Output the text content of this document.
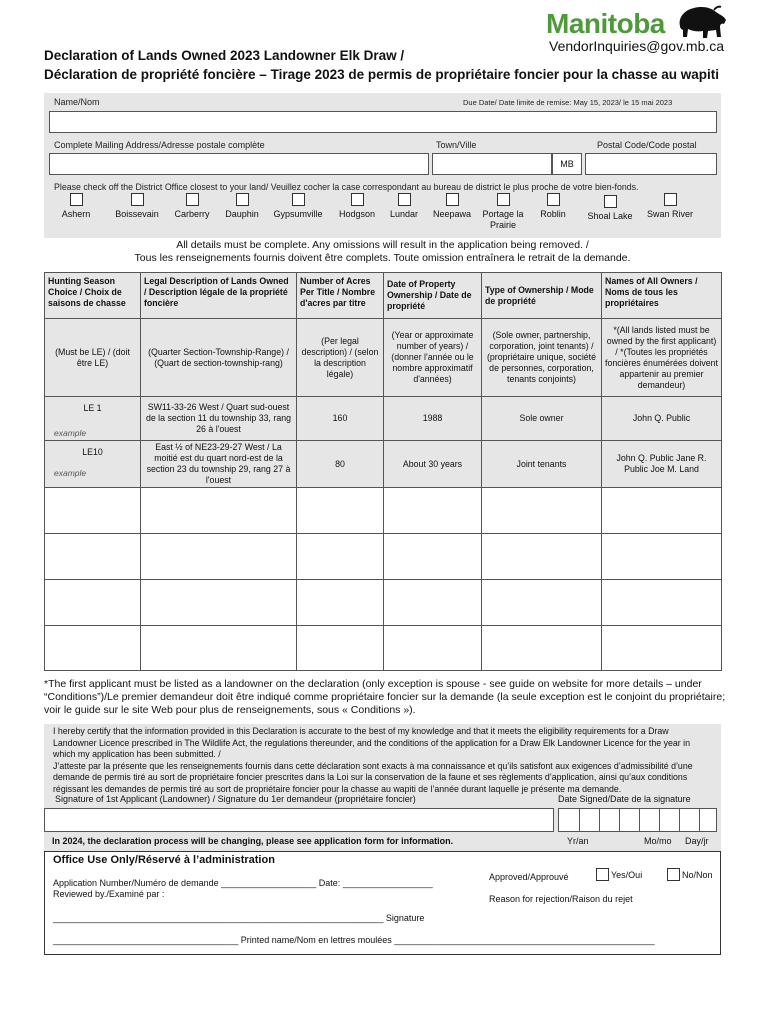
Manitoba
VendorInquiries@gov.mb.ca
Declaration of Lands Owned 2023 Landowner Elk Draw /
Déclaration de propriété foncière – Tirage 2023 de permis de propriétaire foncier pour la chasse au wapiti
Name/Nom	Due Date/ Date limite de remise: May 15, 2023/ le 15 mai 2023
Complete Mailing Address/Adresse postale complète	Town/Ville	Postal Code/Code postal
MB
Please check off the District Office closest to your land/ Veuillez cocher la case correspondant au bureau de district le plus proche de votre bien-fonds.
Ashern	Boissevain	Carberry	Dauphin	Gypsumville	Hodgson	Lundar	Neepawa	Portage la Prairie
Roblin	Shoal Lake	Swan River
All details must be complete. Any omissions will result in the application being removed. /
Tous les renseignements fournis doivent être complets. Toute omission entraînera le retrait de la demande.
Hunting Season Choice / Choix de saisons de chasse	Legal Description of Lands Owned / Description légale de la propriété foncière	Number of Acres Per Title / Nombre d'acres par titre	Date of Property Ownership / Date de propriété	Type of Ownership / Mode de propriété	Names of All Owners / Noms de tous les propriétaires
(Must be LE) / (doit être LE)	(Quarter Section-Township-Range) / (Quart de section-township-rang)	(Per legal description) / (selon la description légale)	(Year or approximate number of years) / (donner l'année ou le nombre approximatif d'années)	(Sole owner, partnership, corporation, joint tenants) / (propriétaire unique, société de personnes, corporation, tenants conjoints)	*(All lands listed must be owned by the first applicant) / *(Toutes les propriétés foncières énumérées doivent appartenir au premier demandeur)
LE 1
example	SW11-33-26 West / Quart sud-ouest de la section 11 du township 33, rang 26 à l'ouest	160	1988	Sole owner	John Q. Public
LE10
example	East ½ of NE23-29-27 West / La moitié est du quart nord-est de la section 23 du township 29, rang 27 à l'ouest	80	About 30 years	Joint tenants	John Q. Public Jane R. Public Joe M. Land

*The first applicant must be listed as a landowner on the declaration (only exception is spouse - see guide on website for more details – under “Conditions”)/Le premier demandeur doit être indiqué comme propriétaire foncier sur la demande (la seule exception est le conjoint du propriétaire; voir le guide sur le site Web pour plus de renseignements, sous « Conditions »).

I hereby certify that the information provided in this Declaration is accurate to the best of my knowledge and that it meets the eligibility requirements for a Draw Landowner Licence prescribed in The Wildlife Act, the regulations thereunder, and the conditions of the application for a Draw Elk Landowner Licence for the year in which my application has been submitted. /

J’atteste par la présente que les renseignements fournis dans cette déclaration sont exacts à ma connaissance et qu’ils satisfont aux exigences d’admissibilité d’une demande de permis tiré au sort de propriétaire foncier prescrites dans la Loi sur la conservation de la faune et ses règlements d’application, ainsi qu’aux conditions régissant les demandes de permis tiré au sort de propriétaire foncier pour la chasse au wapiti de l’année durant laquelle je présente ma demande.

Signature of 1st Applicant (Landowner) / Signature du 1er demandeur (propriétaire foncier)	Date Signed/Date de la signature
In 2024, the declaration process will be changing, please see application form for information.	Yr/an	Mo/mo Day/jr
Office Use Only/Réservé à l’administration
Application Number/Numéro de demande ___________________ Date: __________________
Reviewed by./Examiné par :
Approved/Approuvé	Yes/Oui	No/Non
Reason for rejection/Raison du rejet
__________________________________________________________________ Signature
_____________________________________ Printed name/Nom en lettres moulées ____________________________________________________
